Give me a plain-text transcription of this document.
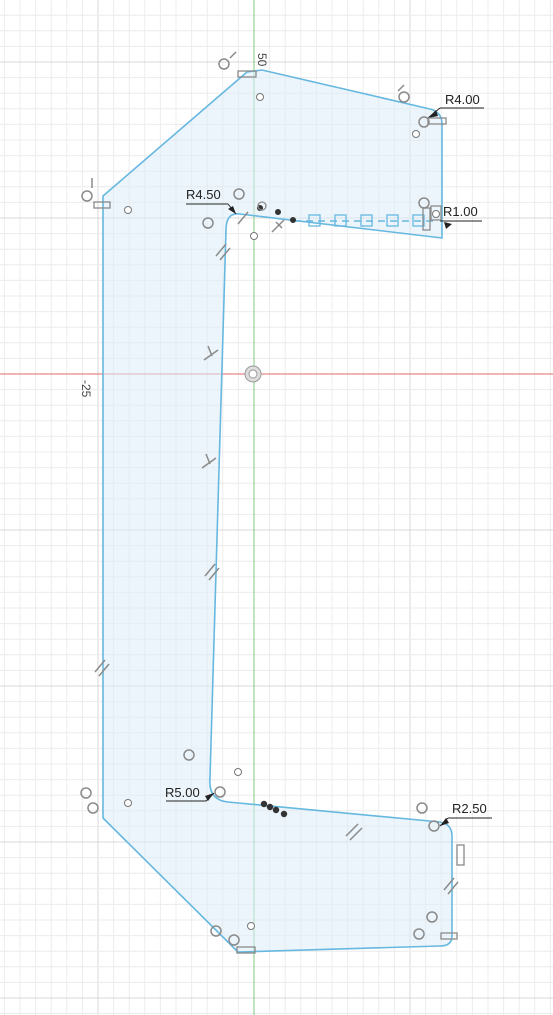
50
-25
R4.00
R4.50
R1.00
R5.00
R2.50
